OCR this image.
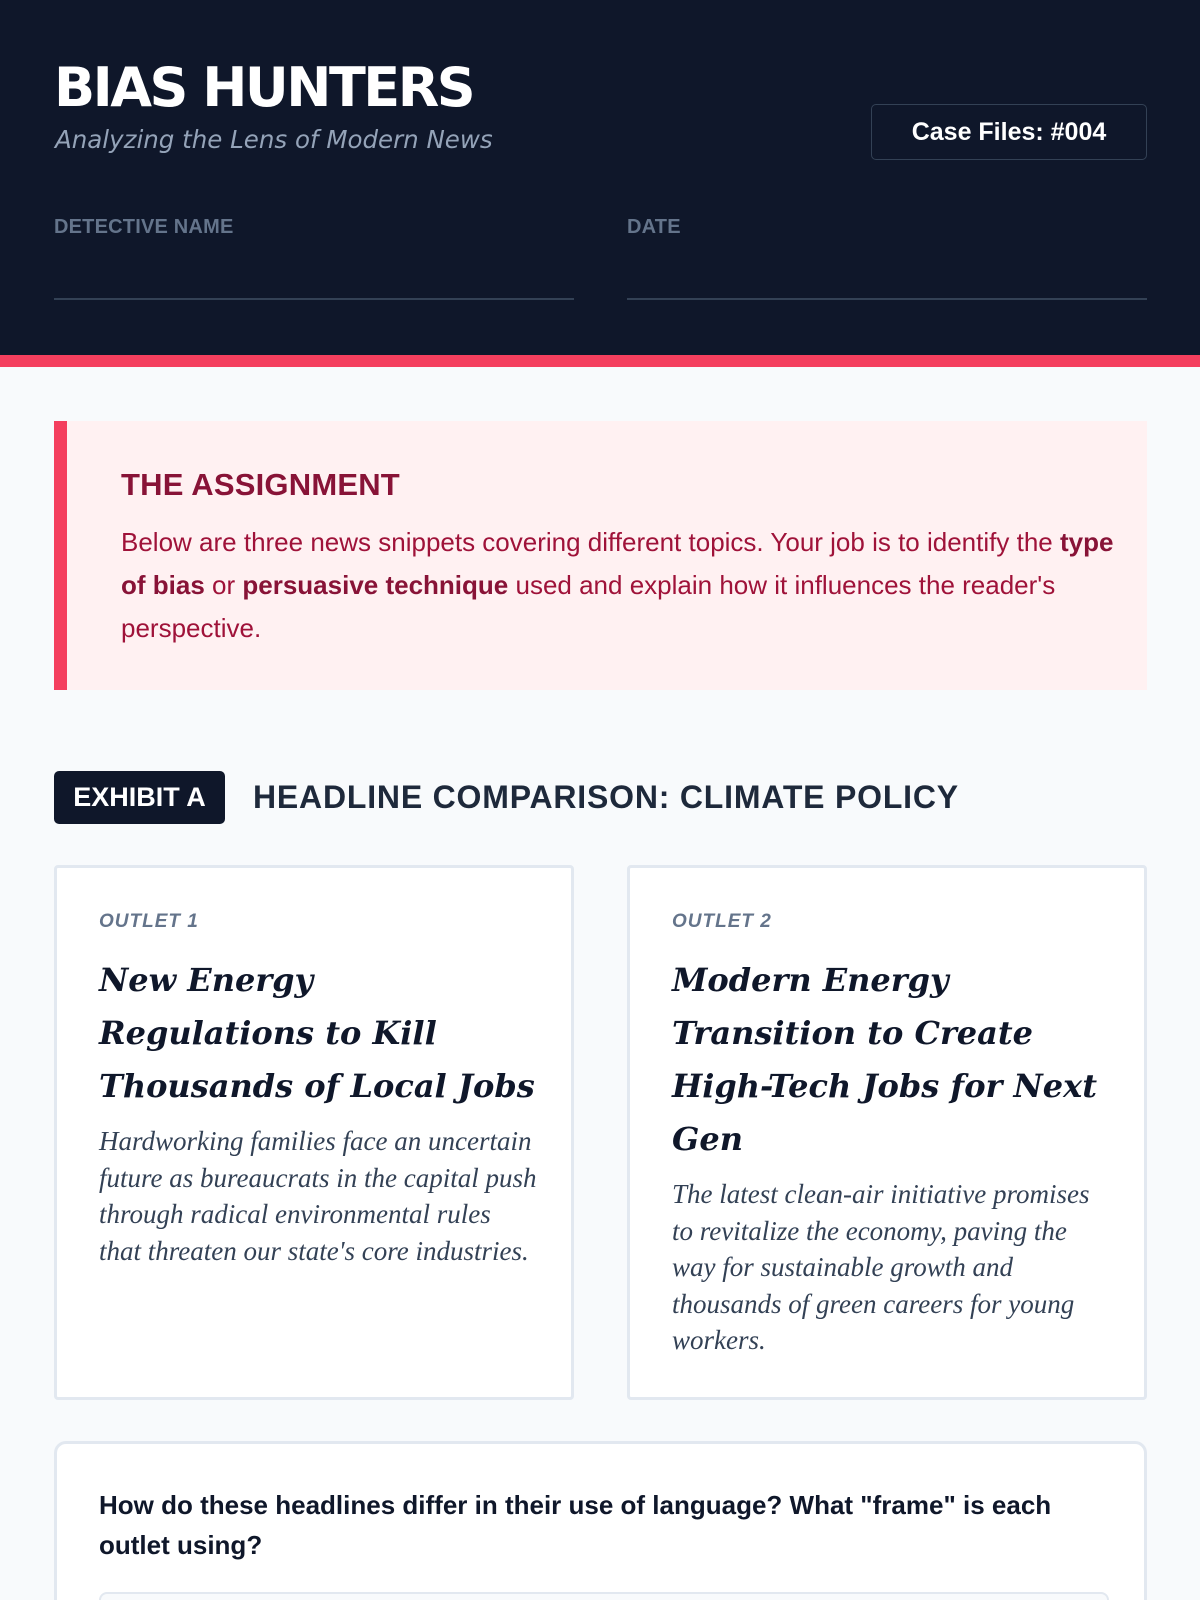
BIAS HUNTERS
Analyzing the Lens of Modern News	Case Files: #004
DETECTIVE NAME	DATE
THE ASSIGNMENT
Below are three news snippets covering different topics. Your job is to identify the type of bias or persuasive technique used and explain how it influences the reader's perspective.
EXHIBIT A	HEADLINE COMPARISON: CLIMATE POLICY
OUTLET 1
New Energy Regulations to Kill Thousands of Local Jobs
Hardworking families face an uncertain future as bureaucrats in the capital push through radical environmental rules that threaten our state's core industries.
OUTLET 2
Modern Energy Transition to Create High-Tech Jobs for Next Gen
The latest clean-air initiative promises to revitalize the economy, paving the way for sustainable growth and thousands of green careers for young workers.
How do these headlines differ in their use of language? What "frame" is each outlet using?
